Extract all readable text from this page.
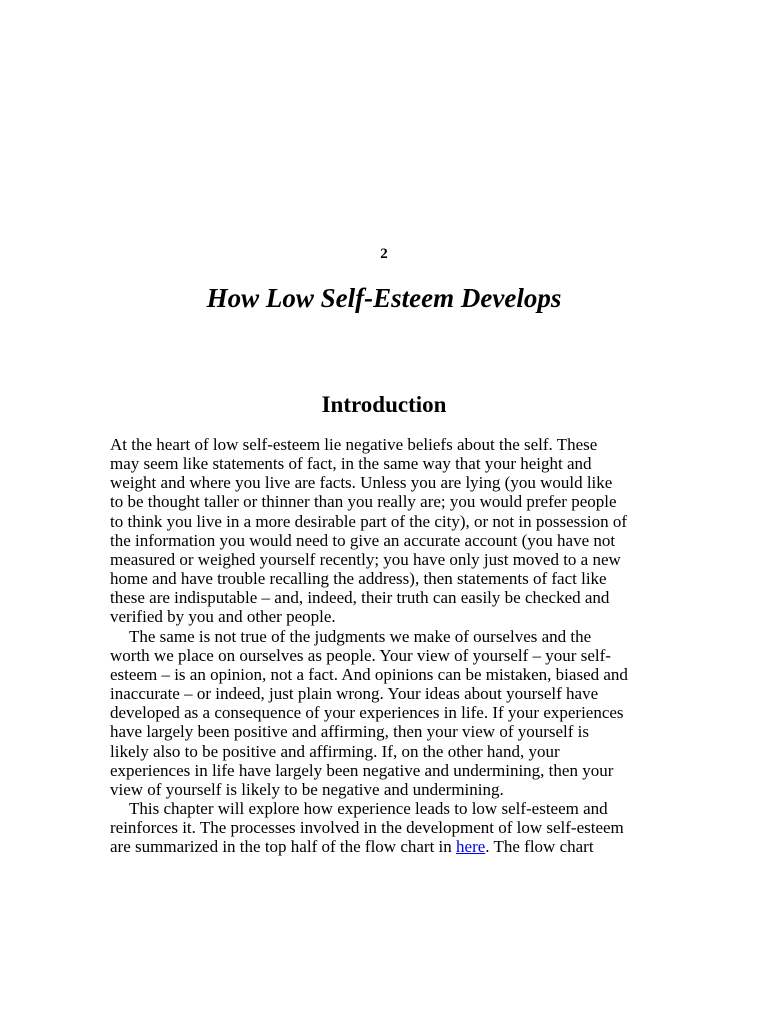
2
How Low Self-Esteem Develops
Introduction
At the heart of low self-esteem lie negative beliefs about the self. These
may seem like statements of fact, in the same way that your height and
weight and where you live are facts. Unless you are lying (you would like
to be thought taller or thinner than you really are; you would prefer people
to think you live in a more desirable part of the city), or not in possession of
the information you would need to give an accurate account (you have not
measured or weighed yourself recently; you have only just moved to a new
home and have trouble recalling the address), then statements of fact like
these are indisputable – and, indeed, their truth can easily be checked and
verified by you and other people.
The same is not true of the judgments we make of ourselves and the
worth we place on ourselves as people. Your view of yourself – your self-
esteem – is an opinion, not a fact. And opinions can be mistaken, biased and
inaccurate – or indeed, just plain wrong. Your ideas about yourself have
developed as a consequence of your experiences in life. If your experiences
have largely been positive and affirming, then your view of yourself is
likely also to be positive and affirming. If, on the other hand, your
experiences in life have largely been negative and undermining, then your
view of yourself is likely to be negative and undermining.
This chapter will explore how experience leads to low self-esteem and
reinforces it. The processes involved in the development of low self-esteem
are summarized in the top half of the flow chart in here. The flow chart
